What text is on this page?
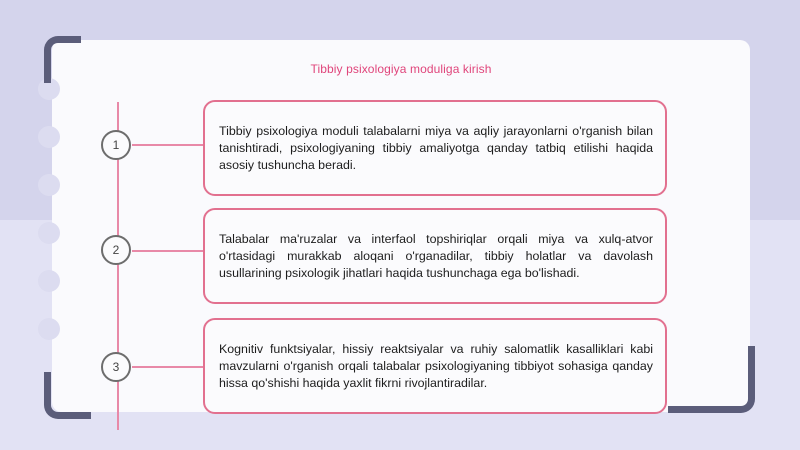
Tibbiy psixologiya moduliga kirish
1

Tibbiy psixologiya moduli talabalarni miya va aqliy jarayonlarni o'rganish bilan tanishtiradi, psixologiyaning tibbiy amaliyotga qanday tatbiq etilishi haqida asosiy tushuncha beradi.

2

Talabalar ma'ruzalar va interfaol topshiriqlar orqali miya va xulq-atvor o'rtasidagi murakkab aloqani o'rganadilar, tibbiy holatlar va davolash usullarining psixologik jihatlari haqida tushunchaga ega bo'lishadi.

3

Kognitiv funktsiyalar, hissiy reaktsiyalar va ruhiy salomatlik kasalliklari kabi mavzularni o'rganish orqali talabalar psixologiyaning tibbiyot sohasiga qanday hissa qo'shishi haqida yaxlit fikrni rivojlantiradilar.
